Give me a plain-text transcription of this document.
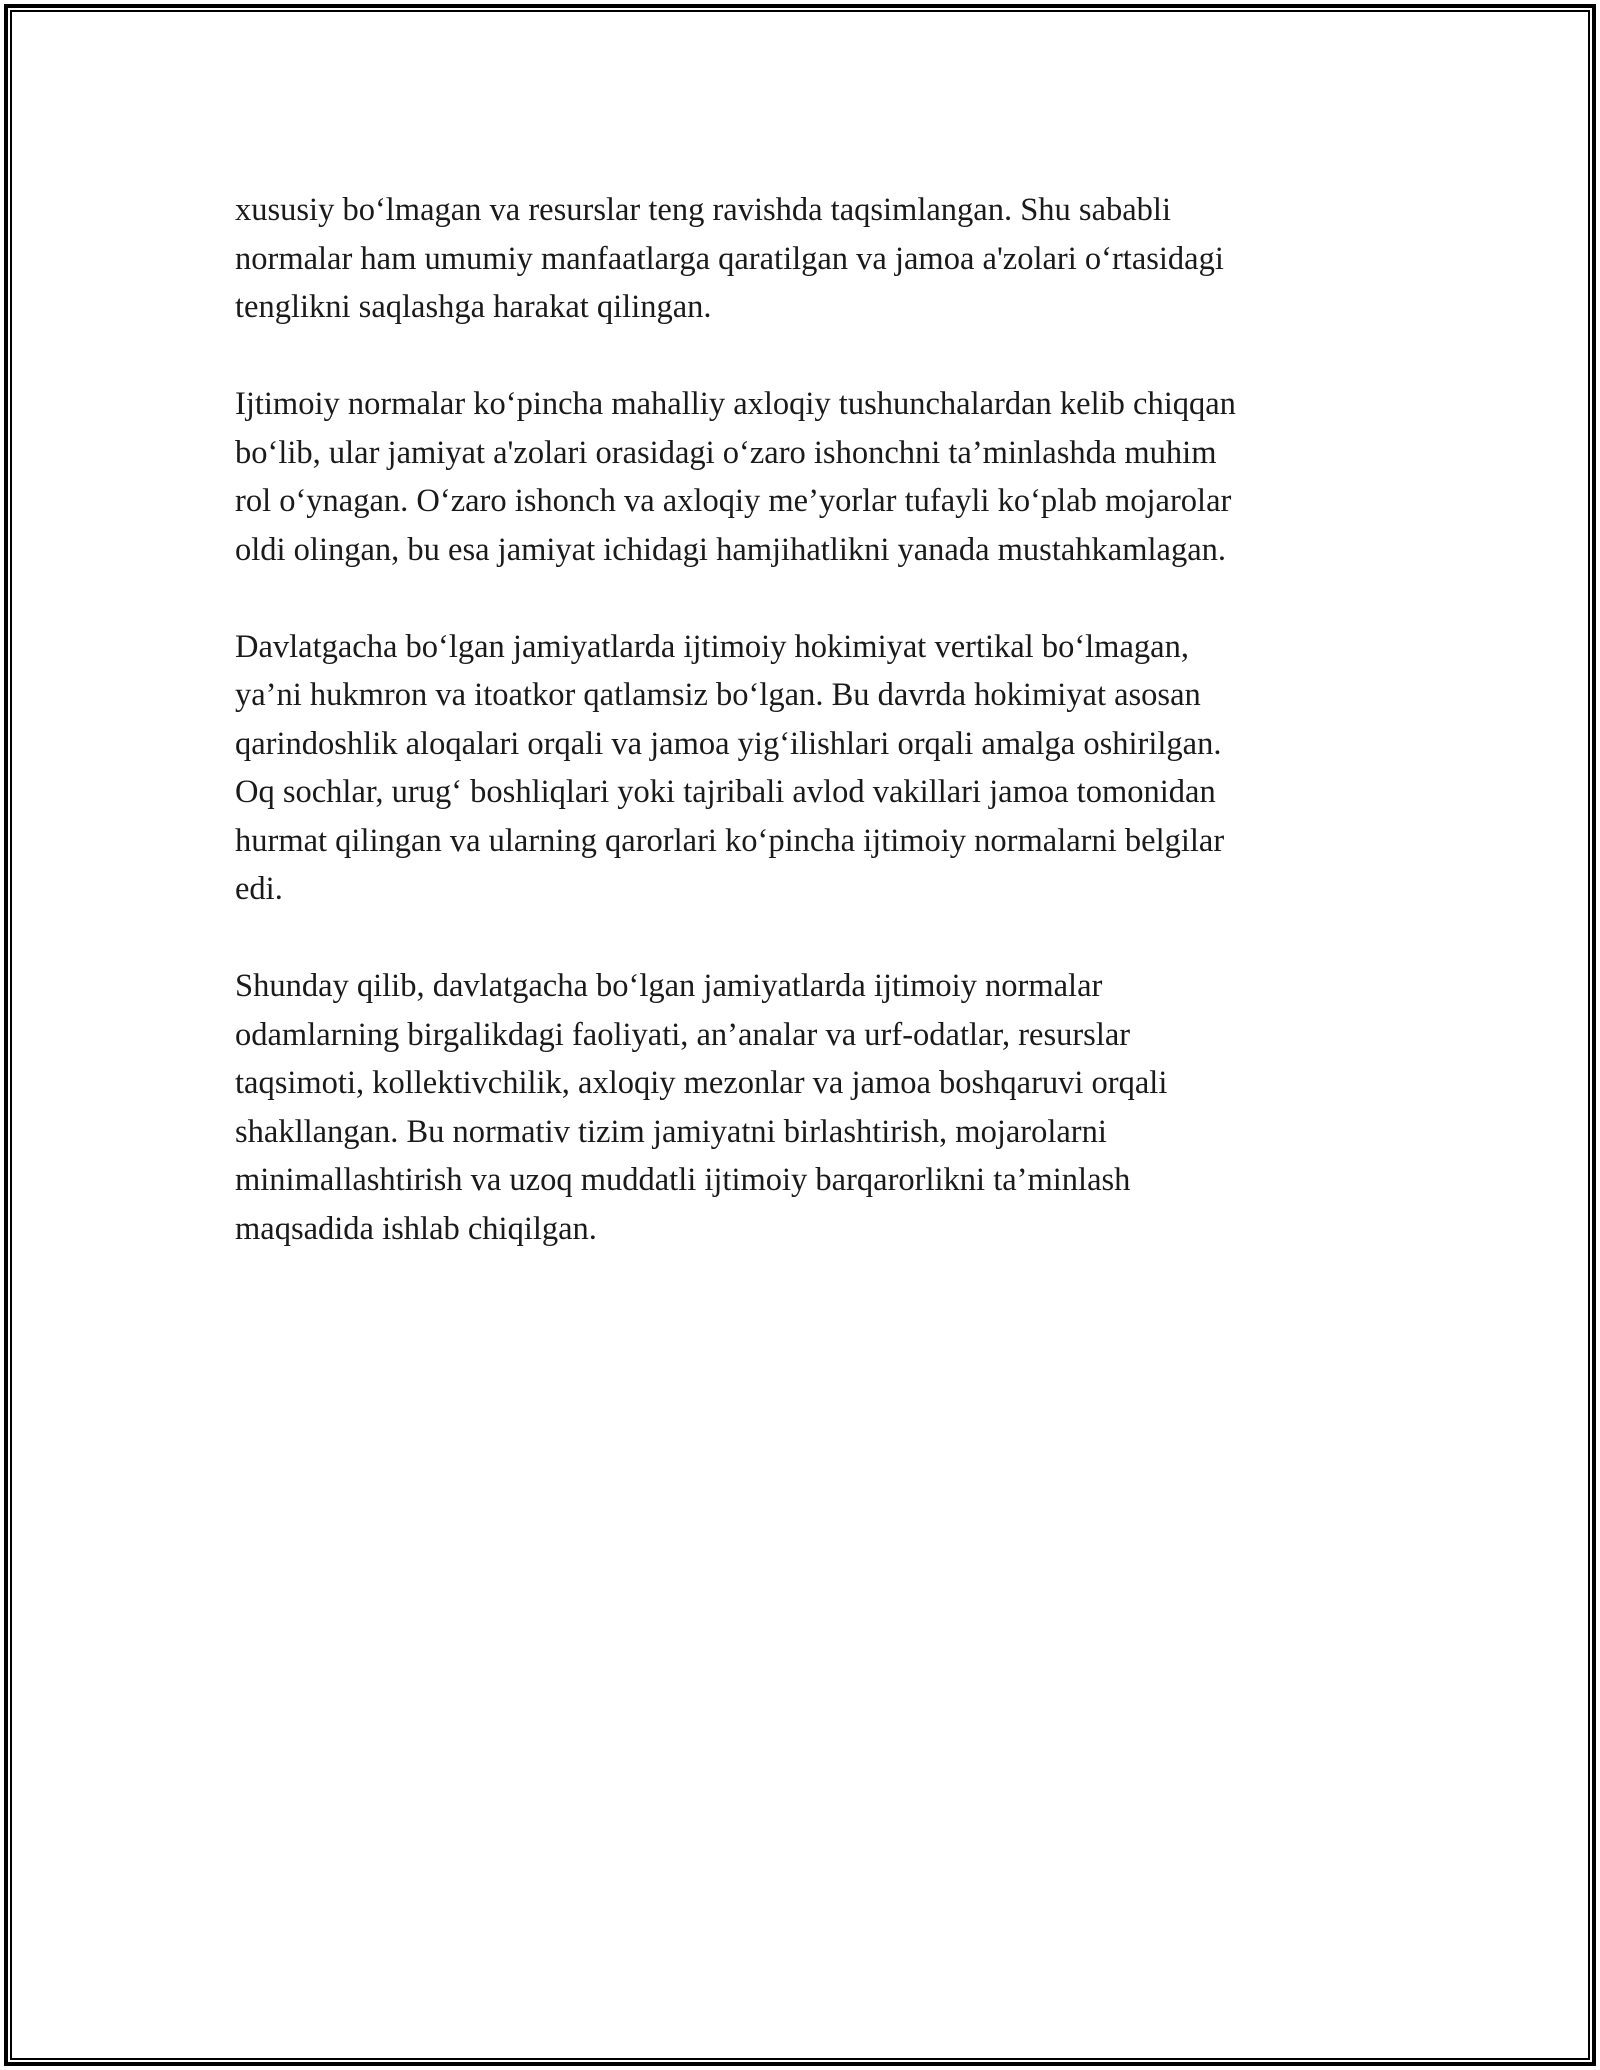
xususiy bo‘lmagan va resurslar teng ravishda taqsimlangan. Shu sababli
normalar ham umumiy manfaatlarga qaratilgan va jamoa a'zolari o‘rtasidagi
tenglikni saqlashga harakat qilingan.

Ijtimoiy normalar ko‘pincha mahalliy axloqiy tushunchalardan kelib chiqqan
bo‘lib, ular jamiyat a'zolari orasidagi o‘zaro ishonchni ta’minlashda muhim
rol o‘ynagan. O‘zaro ishonch va axloqiy me’yorlar tufayli ko‘plab mojarolar
oldi olingan, bu esa jamiyat ichidagi hamjihatlikni yanada mustahkamlagan.

Davlatgacha bo‘lgan jamiyatlarda ijtimoiy hokimiyat vertikal bo‘lmagan,
ya’ni hukmron va itoatkor qatlamsiz bo‘lgan. Bu davrda hokimiyat asosan
qarindoshlik aloqalari orqali va jamoa yig‘ilishlari orqali amalga oshirilgan.
Oq sochlar, urug‘ boshliqlari yoki tajribali avlod vakillari jamoa tomonidan
hurmat qilingan va ularning qarorlari ko‘pincha ijtimoiy normalarni belgilar
edi.

Shunday qilib, davlatgacha bo‘lgan jamiyatlarda ijtimoiy normalar
odamlarning birgalikdagi faoliyati, an’analar va urf-odatlar, resurslar
taqsimoti, kollektivchilik, axloqiy mezonlar va jamoa boshqaruvi orqali
shakllangan. Bu normativ tizim jamiyatni birlashtirish, mojarolarni
minimallashtirish va uzoq muddatli ijtimoiy barqarorlikni ta’minlash
maqsadida ishlab chiqilgan.
